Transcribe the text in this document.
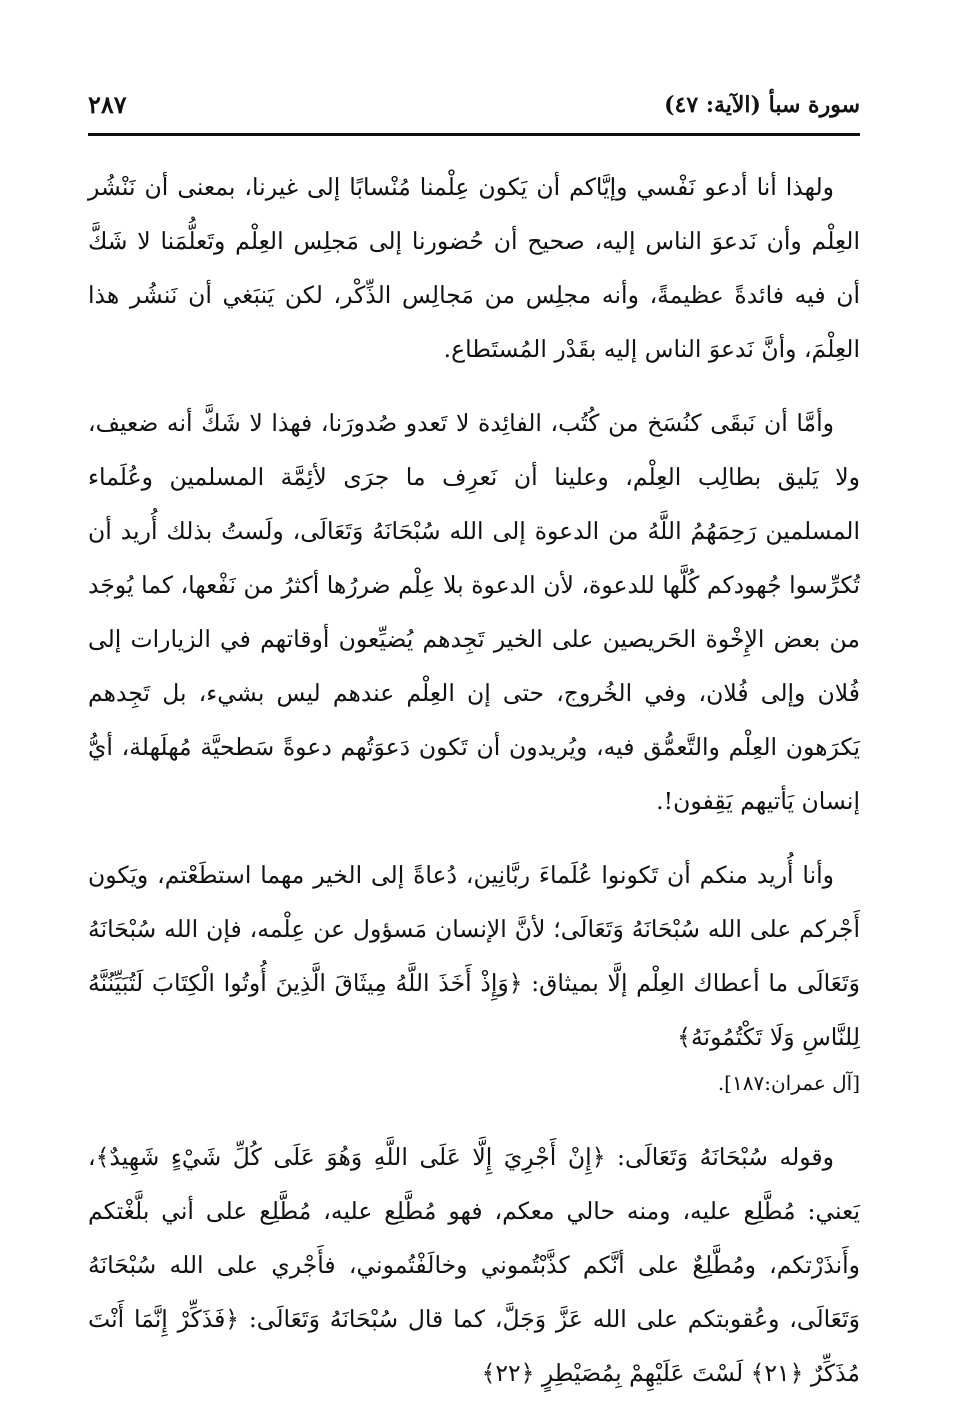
سورة سبأ (الآية: ٤٧)
٢٨٧

ولهذا أنا أدعو نَفْسي وإيَّاكم أن يَكون عِلْمنا مُنْسابًا إلى غيرنا، بمعنى أن نَنْشُر العِلْم وأن نَدعوَ الناس إليه، صحيح أن حُضورنا إلى مَجلِس العِلْم وتَعلُّمَنا لا شَكَّ أن فيه فائدةً عظيمةً، وأنه مجلِس من مَجالِس الذِّكْر، لكن يَنبَغي أن نَنشُر هذا العِلْمَ، وأنَّ نَدعوَ الناس إليه بقَدْر المُستَطاع.

وأمَّا أن نَبقَى كنُسَخ من كُتُب، الفائِدة لا تَعدو صُدورَنا، فهذا لا شَكَّ أنه ضعيف، ولا يَليق بطالِب العِلْم، وعلينا أن نَعرِف ما جرَى لأئِمَّة المسلمين وعُلَماء المسلمين رَحِمَهُمُ اللَّهُ من الدعوة إلى الله سُبْحَانَهُ وَتَعَالَى، ولَستُ بذلك أُريد أن تُكرِّسوا جُهودكم كُلَّها للدعوة، لأن الدعوة بلا عِلْم ضررُها أكثرُ من نَفْعها، كما يُوجَد من بعض الإِخْوة الحَريصين على الخير تَجِدهم يُضيِّعون أوقاتهم في الزيارات إلى فُلان وإلى فُلان، وفي الخُروج، حتى إن العِلْم عندهم ليس بشيء، بل تَجِدهم يَكرَهون العِلْم والتَّعمُّق فيه، ويُريدون أن تَكون دَعوَتُهم دعوةً سَطحيَّة مُهلَهلة، أيُّ إنسان يَأتيهم يَقِفون!.

وأنا أُريد منكم أن تَكونوا عُلَماءَ ربَّانِين، دُعاةً إلى الخير مهما استطَعْتم، ويَكون أَجْركم على الله سُبْحَانَهُ وَتَعَالَى؛ لأنَّ الإنسان مَسؤول عن عِلْمه، فإن الله سُبْحَانَهُ وَتَعَالَى ما أعطاك العِلْم إلَّا بميثاق: ﴿وَإِذْ أَخَذَ اللَّهُ مِيثَاقَ الَّذِينَ أُوتُوا الْكِتَابَ لَتُبَيِّنُنَّهُ لِلنَّاسِ وَلَا تَكْتُمُونَهُ﴾

[آل عمران:١٨٧].

وقوله سُبْحَانَهُ وَتَعَالَى: ﴿إِنْ أَجْرِيَ إِلَّا عَلَى اللَّهِ وَهُوَ عَلَى كُلِّ شَيْءٍ شَهِيدٌ﴾، يَعني: مُطَّلِع عليه، ومنه حالي معكم، فهو مُطَّلِع عليه، مُطَّلِع على أني بلَّغْتكم وأَنذَرْتكم، ومُطَّلِعٌ على أنَّكم كذَّبْتُموني وخالَفْتُموني، فأَجْري على الله سُبْحَانَهُ وَتَعَالَى، وعُقوبتكم على الله عَزَّ وَجَلَّ، كما قال سُبْحَانَهُ وَتَعَالَى: ﴿فَذَكِّرْ إِنَّمَا أَنْتَ مُذَكِّرٌ ﴿٢١﴾ لَسْتَ عَلَيْهِمْ بِمُصَيْطِرٍ ﴿٢٢﴾
